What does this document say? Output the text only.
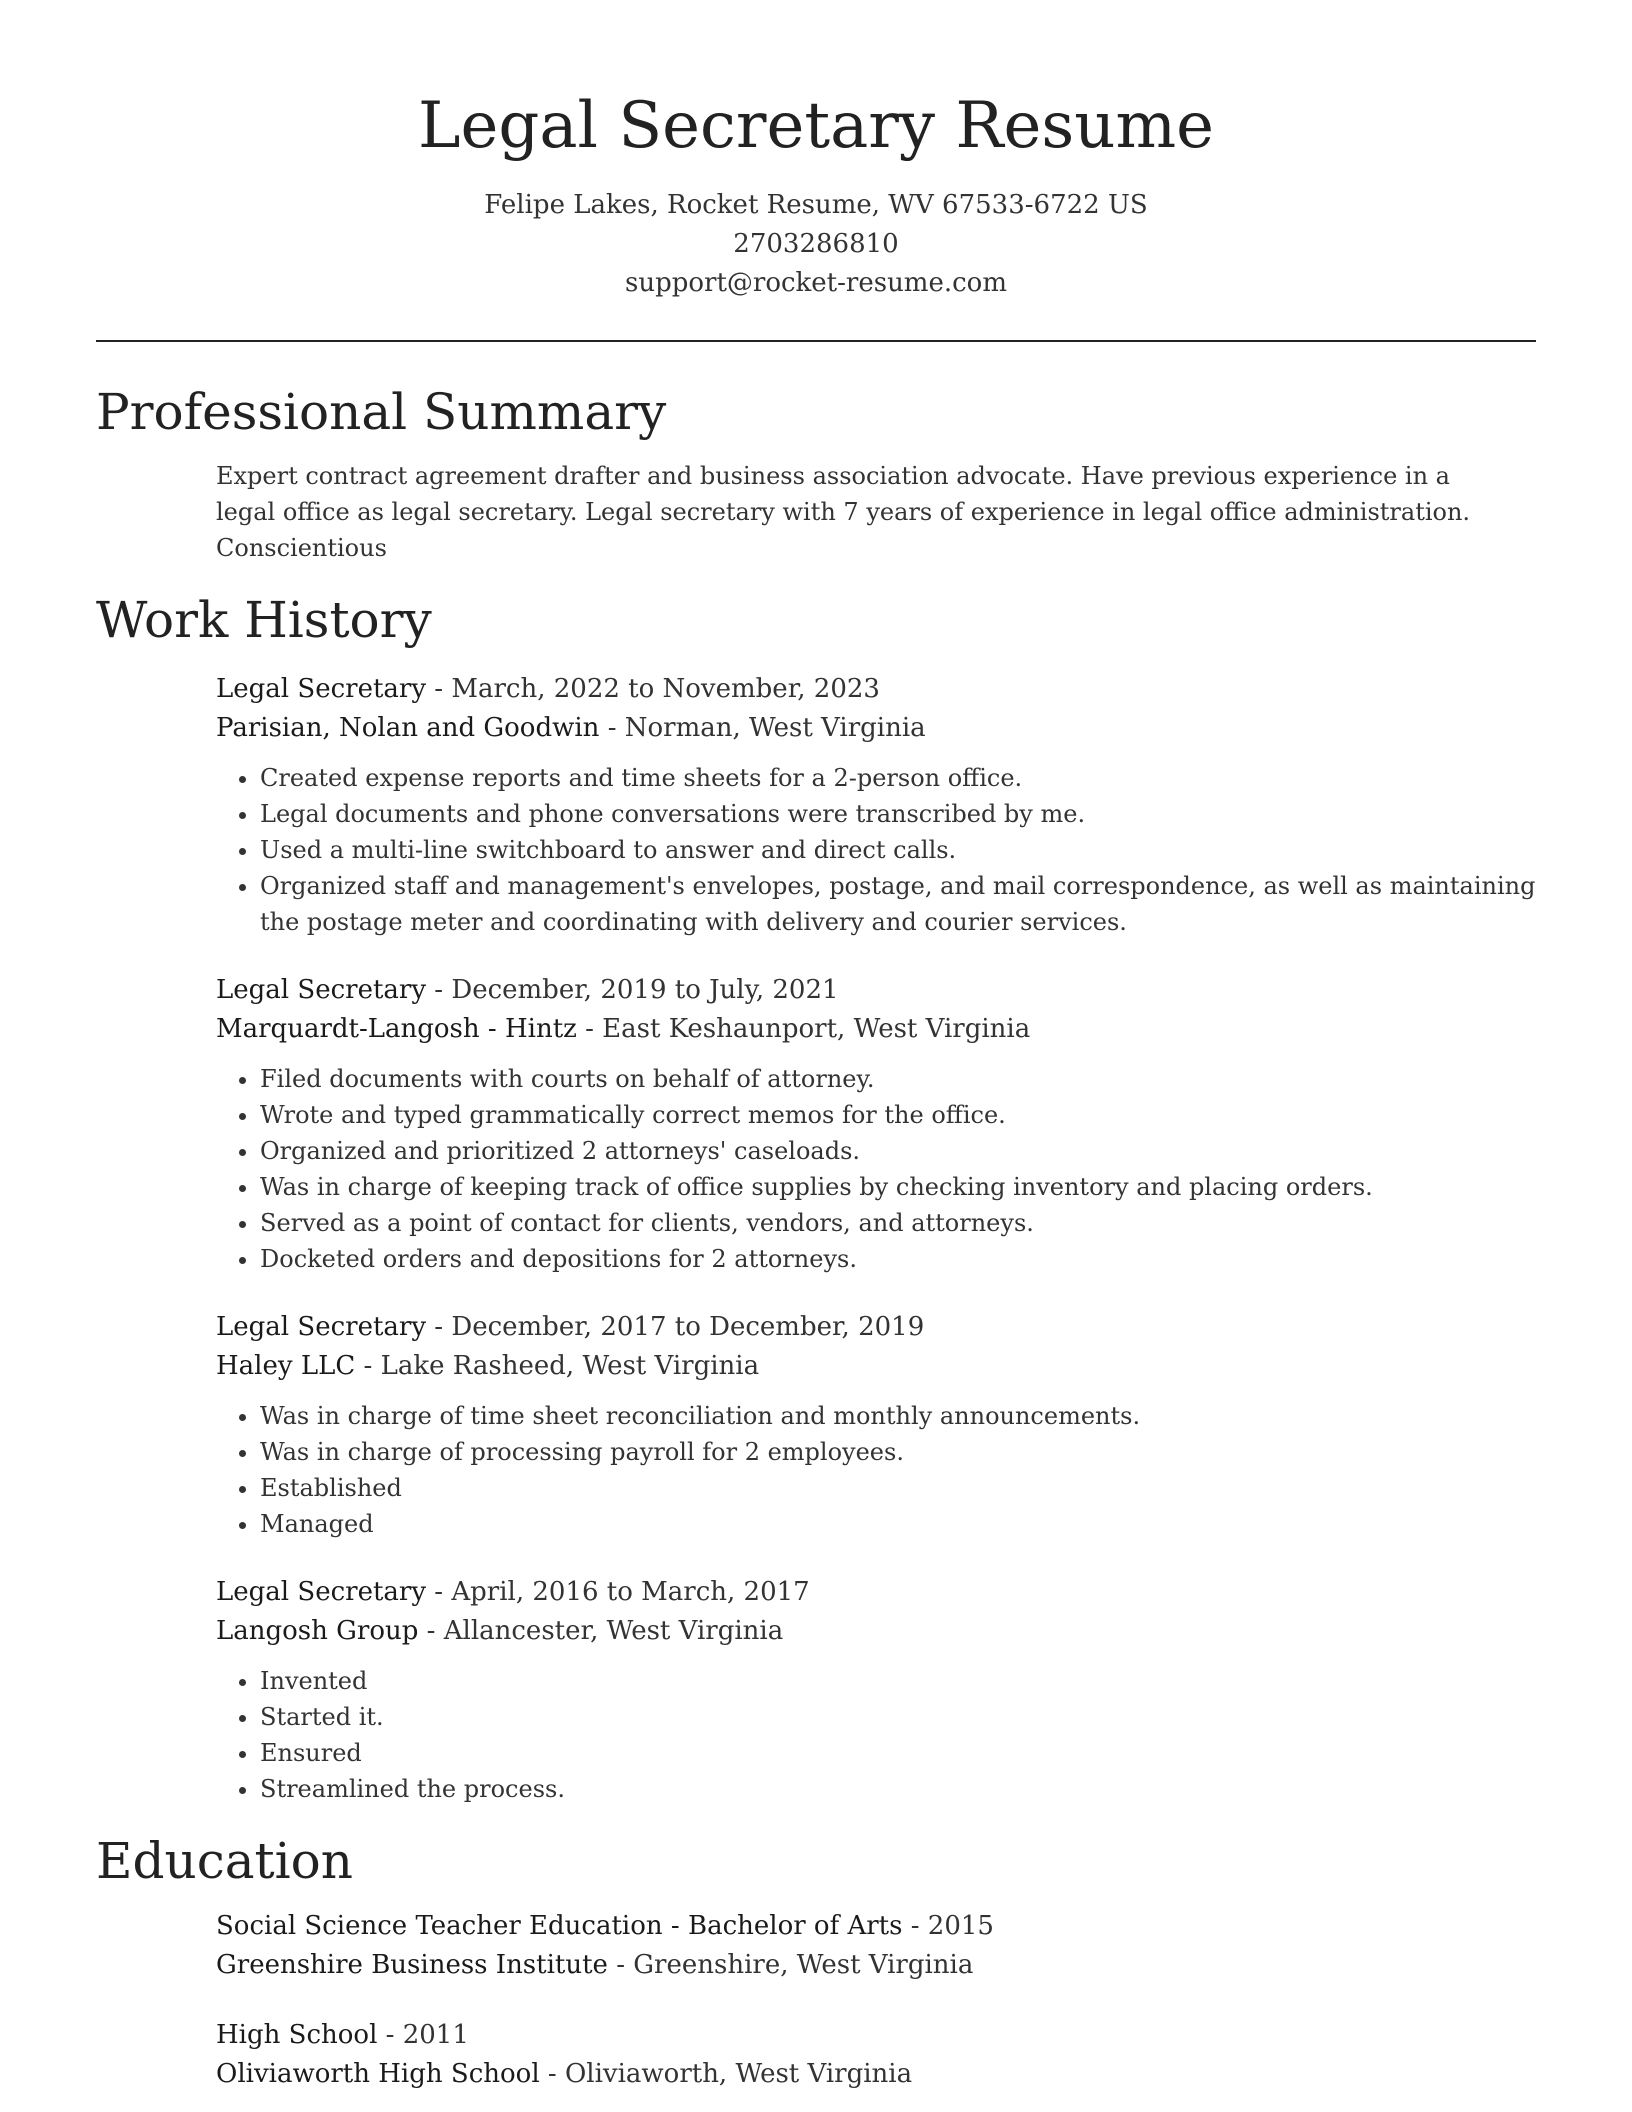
Legal Secretary Resume
Felipe Lakes, Rocket Resume, WV 67533-6722 US
2703286810
support@rocket-resume.com
Professional Summary
Expert contract agreement drafter and business association advocate. Have previous experience in a legal office as legal secretary. Legal secretary with 7 years of experience in legal office administration. Conscientious
Work History
Legal Secretary - March, 2022 to November, 2023
Parisian, Nolan and Goodwin - Norman, West Virginia
• Created expense reports and time sheets for a 2-person office.
• Legal documents and phone conversations were transcribed by me.
• Used a multi-line switchboard to answer and direct calls.
• Organized staff and management's envelopes, postage, and mail correspondence, as well as maintaining the postage meter and coordinating with delivery and courier services.
Legal Secretary - December, 2019 to July, 2021
Marquardt-Langosh - Hintz - East Keshaunport, West Virginia
• Filed documents with courts on behalf of attorney.
• Wrote and typed grammatically correct memos for the office.
• Organized and prioritized 2 attorneys' caseloads.
• Was in charge of keeping track of office supplies by checking inventory and placing orders.
• Served as a point of contact for clients, vendors, and attorneys.
• Docketed orders and depositions for 2 attorneys.
Legal Secretary - December, 2017 to December, 2019
Haley LLC - Lake Rasheed, West Virginia
• Was in charge of time sheet reconciliation and monthly announcements.
• Was in charge of processing payroll for 2 employees.
• Established
• Managed
Legal Secretary - April, 2016 to March, 2017
Langosh Group - Allancester, West Virginia
• Invented
• Started it.
• Ensured
• Streamlined the process.
Education
Social Science Teacher Education - Bachelor of Arts - 2015
Greenshire Business Institute - Greenshire, West Virginia
High School - 2011
Oliviaworth High School - Oliviaworth, West Virginia
